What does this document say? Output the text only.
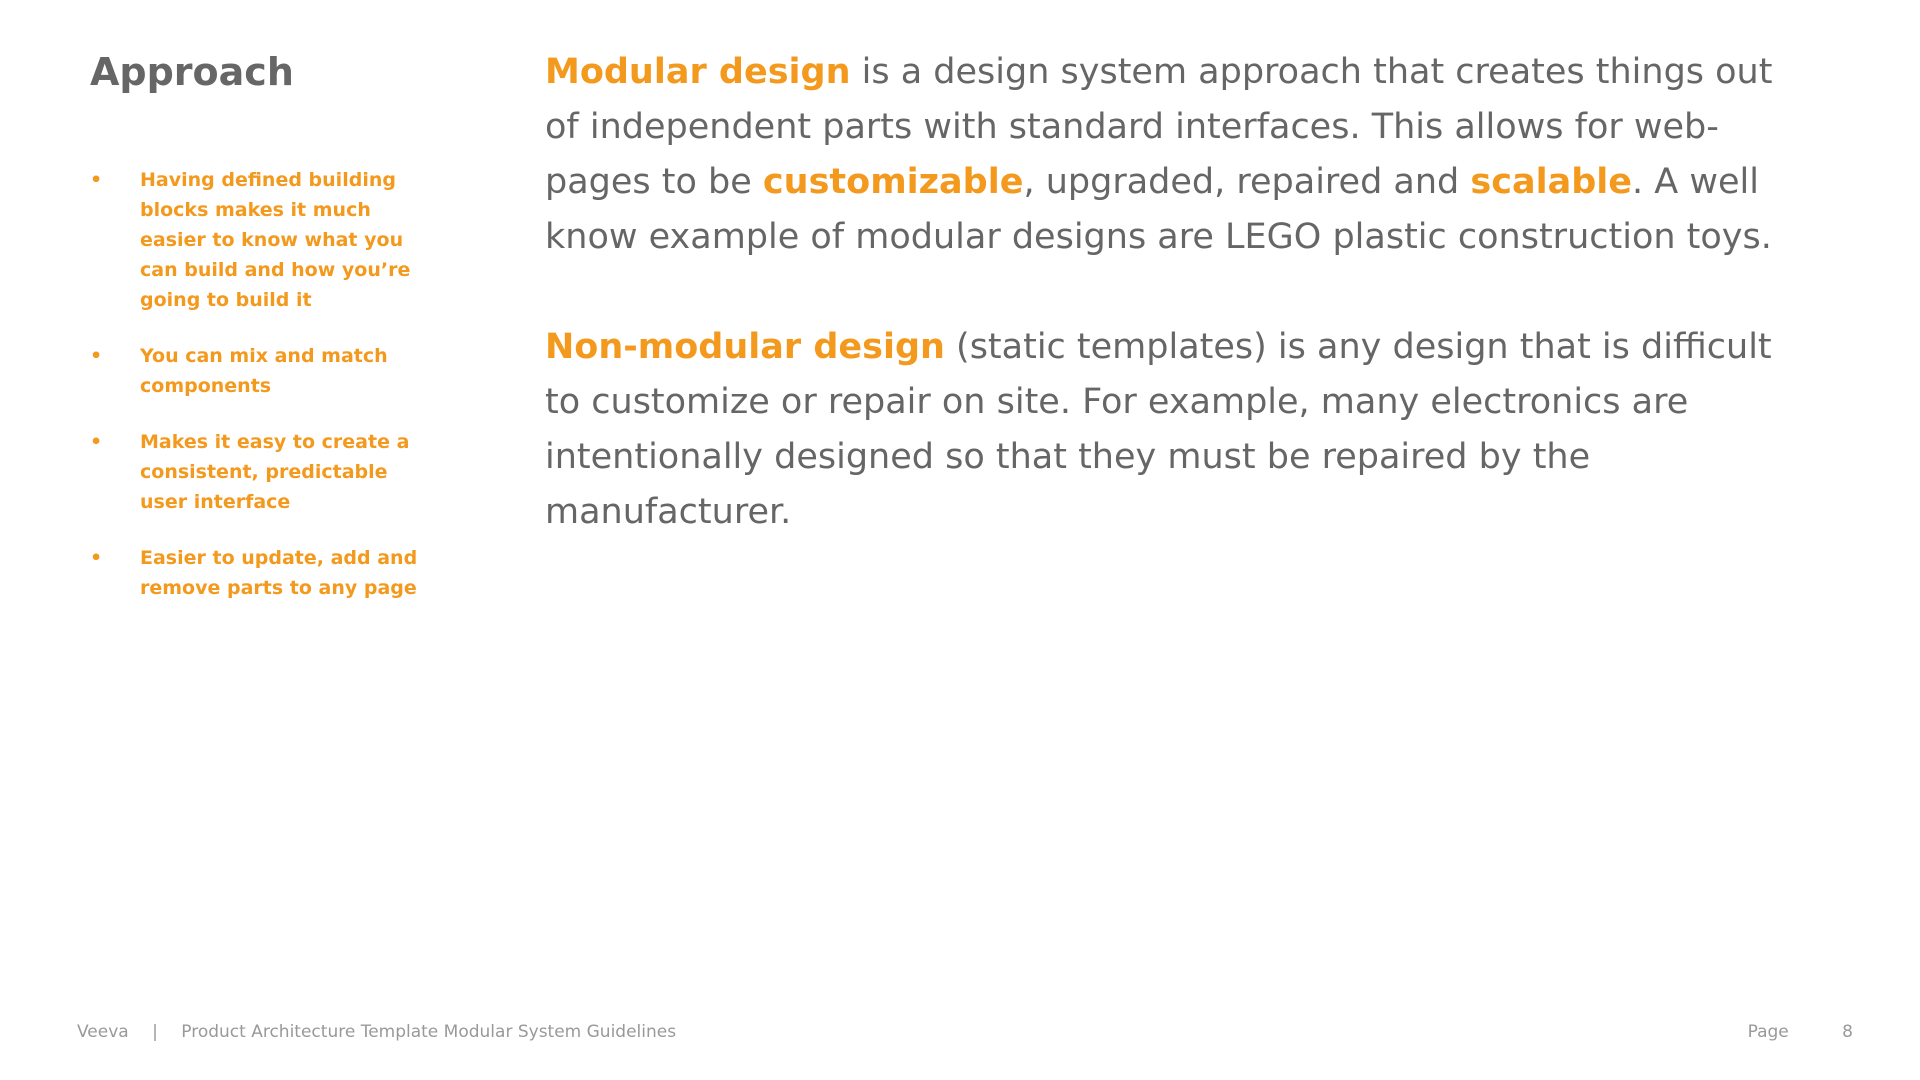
Approach
•	Having defined building blocks makes it much easier to know what you can build and how you’re going to build it
•	You can mix and match components
•	Makes it easy to create a consistent, predictable user interface
•	Easier to update, add and remove parts to any page

Modular design is a design system approach that creates things out of independent parts with standard interfaces. This allows for web-pages to be customizable, upgraded, repaired and scalable. A well know example of modular designs are LEGO plastic construction toys.

Non-modular design (static templates) is any design that is difficult to customize or repair on site. For example, many electronics are intentionally designed so that they must be repaired by the manufacturer.

Veeva | Product Architecture Template Modular System Guidelines	Page	8
